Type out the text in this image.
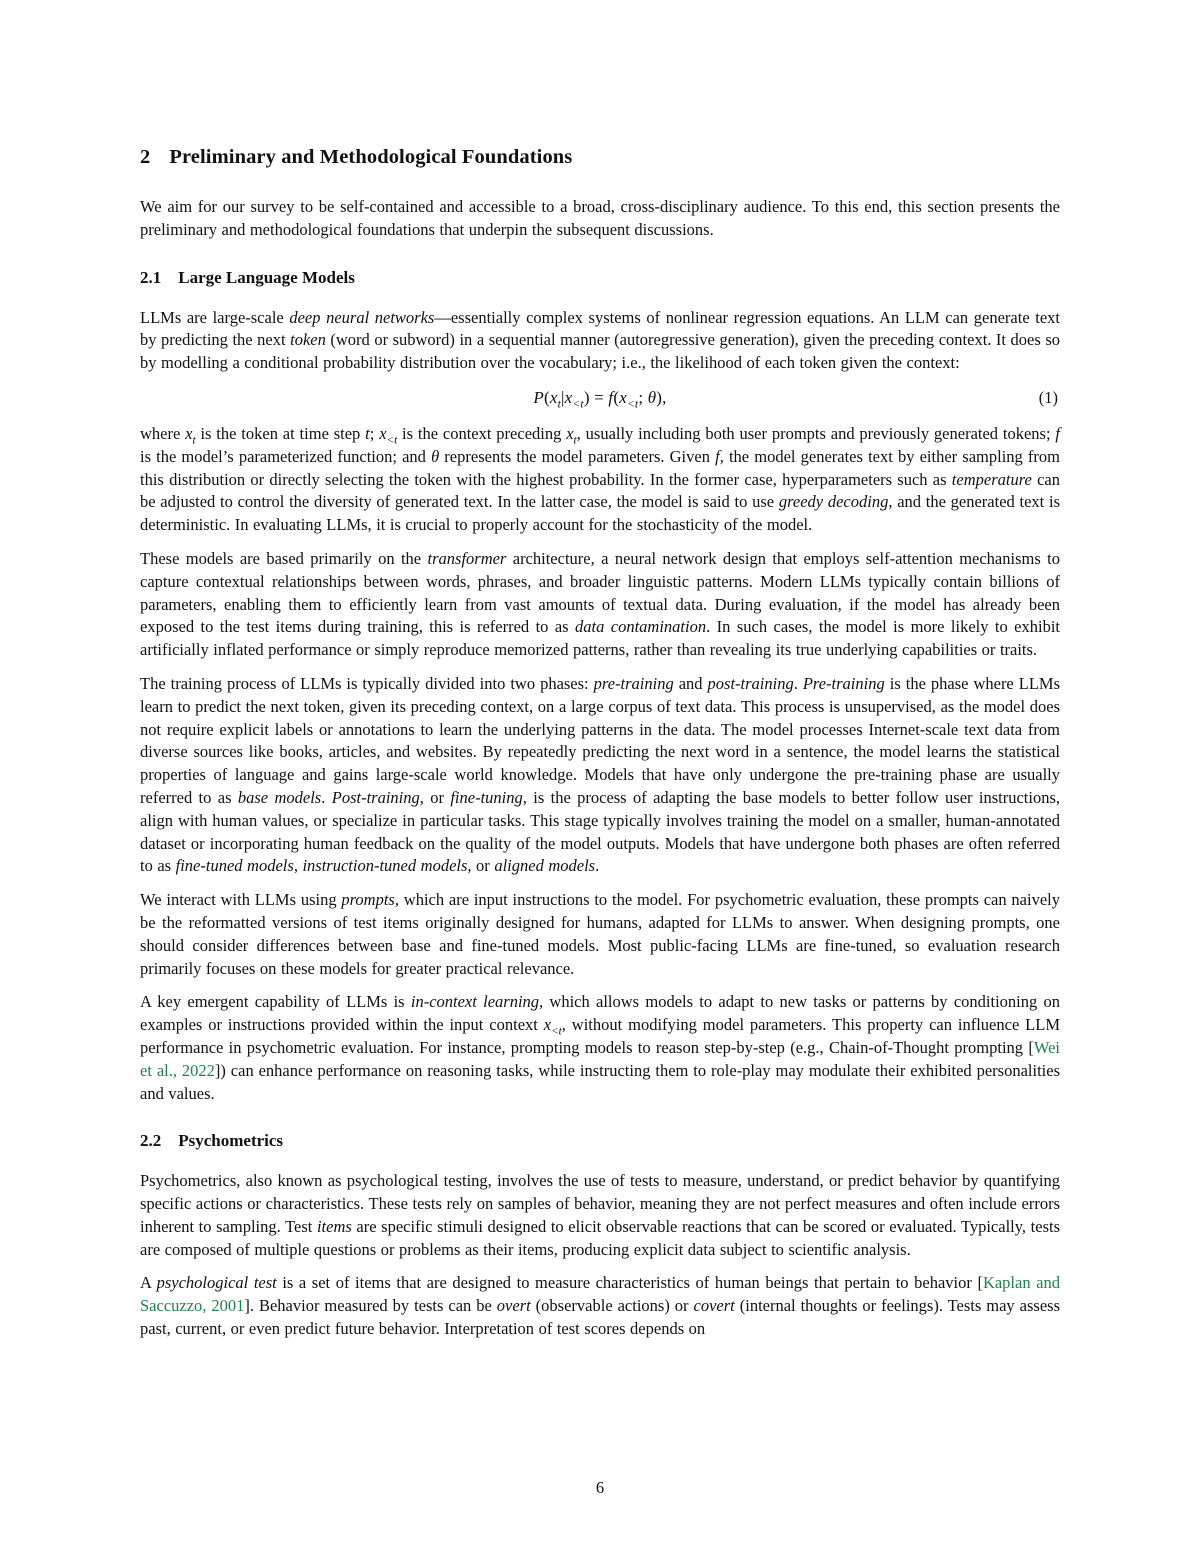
2 Preliminary and Methodological Foundations

We aim for our survey to be self-contained and accessible to a broad, cross-disciplinary audience. To this end, this section presents the preliminary and methodological foundations that underpin the subsequent discussions.

2.1 Large Language Models

LLMs are large-scale deep neural networks—essentially complex systems of nonlinear regression equations. An LLM can generate text by predicting the next token (word or subword) in a sequential manner (autoregressive generation), given the preceding context. It does so by modelling a conditional probability distribution over the vocabulary; i.e., the likelihood of each token given the context:

$P(x_t|x_{<t}) = f(x_{<t}$; θ),	(1)

where $x_t$ is the token at time step t; $x_{<t}$ is the context preceding $x_t$, usually including both user prompts and previously generated tokens; f is the model’s parameterized function; and θ represents the model parameters. Given f, the model generates text by either sampling from this distribution or directly selecting the token with the highest probability. In the former case, hyperparameters such as temperature can be adjusted to control the diversity of generated text. In the latter case, the model is said to use greedy decoding, and the generated text is deterministic. In evaluating LLMs, it is crucial to properly account for the stochasticity of the model.

These models are based primarily on the transformer architecture, a neural network design that employs self-attention mechanisms to capture contextual relationships between words, phrases, and broader linguistic patterns. Modern LLMs typically contain billions of parameters, enabling them to efficiently learn from vast amounts of textual data. During evaluation, if the model has already been exposed to the test items during training, this is referred to as data contamination. In such cases, the model is more likely to exhibit artificially inflated performance or simply reproduce memorized patterns, rather than revealing its true underlying capabilities or traits.

The training process of LLMs is typically divided into two phases: pre-training and post-training. Pre-training is the phase where LLMs learn to predict the next token, given its preceding context, on a large corpus of text data. This process is unsupervised, as the model does not require explicit labels or annotations to learn the underlying patterns in the data. The model processes Internet-scale text data from diverse sources like books, articles, and websites. By repeatedly predicting the next word in a sentence, the model learns the statistical properties of language and gains large-scale world knowledge. Models that have only undergone the pre-training phase are usually referred to as base models. Post-training, or fine-tuning, is the process of adapting the base models to better follow user instructions, align with human values, or specialize in particular tasks. This stage typically involves training the model on a smaller, human-annotated dataset or incorporating human feedback on the quality of the model outputs. Models that have undergone both phases are often referred to as fine-tuned models, instruction-tuned models, or aligned models.

We interact with LLMs using prompts, which are input instructions to the model. For psychometric evaluation, these prompts can naively be the reformatted versions of test items originally designed for humans, adapted for LLMs to answer. When designing prompts, one should consider differences between base and fine-tuned models. Most public-facing LLMs are fine-tuned, so evaluation research primarily focuses on these models for greater practical relevance.

A key emergent capability of LLMs is in-context learning, which allows models to adapt to new tasks or patterns by conditioning on examples or instructions provided within the input context $x_{<t}$, without modifying model parameters. This property can influence LLM performance in psychometric evaluation. For instance, prompting models to reason step-by-step (e.g., Chain-of-Thought prompting [Wei et al., 2022]) can enhance performance on reasoning tasks, while instructing them to role-play may modulate their exhibited personalities and values.

2.2 Psychometrics

Psychometrics, also known as psychological testing, involves the use of tests to measure, understand, or predict behavior by quantifying specific actions or characteristics. These tests rely on samples of behavior, meaning they are not perfect measures and often include errors inherent to sampling. Test items are specific stimuli designed to elicit observable reactions that can be scored or evaluated. Typically, tests are composed of multiple questions or problems as their items, producing explicit data subject to scientific analysis.

A psychological test is a set of items that are designed to measure characteristics of human beings that pertain to behavior [Kaplan and Saccuzzo, 2001]. Behavior measured by tests can be overt (observable actions) or covert (internal thoughts or feelings). Tests may assess past, current, or even predict future behavior. Interpretation of test scores depends on

6
